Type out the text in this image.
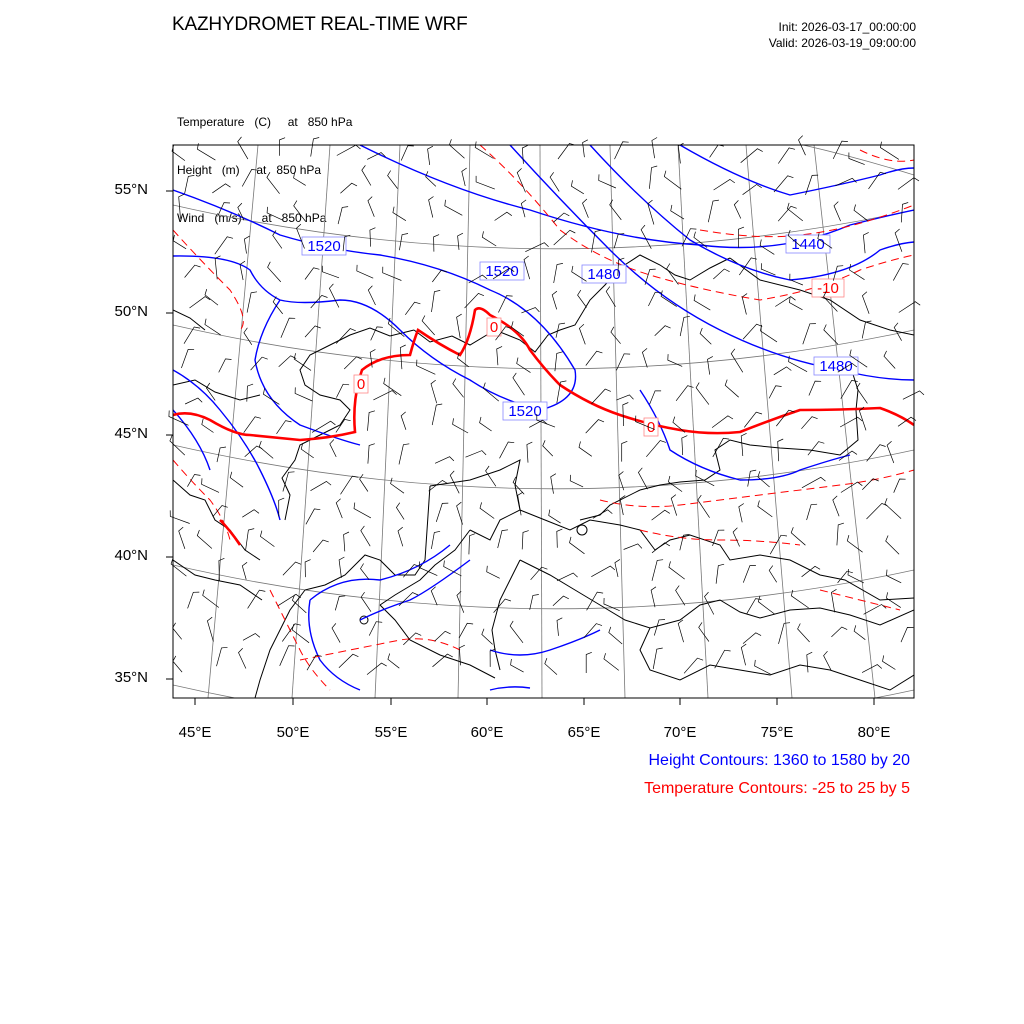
KAZHYDROMET REAL-TIME WRF	Init: 2026-03-17_00:00:00
Valid: 2026-03-19_09:00:00

Temperature   (C)     at   850 hPa

Height   (m)     at   850 hPa

Wind   (m/s)      at   850 hPa

1520
1520	1480
1440
1480
1520
0
0
0
-10
55°N
50°N
45°N
40°N
35°N
45°E	50°E	55°E	60°E	65°E	70°E	75°E	80°E
Height Contours: 1360 to 1580 by 20
Temperature Contours: -25 to 25 by 5
